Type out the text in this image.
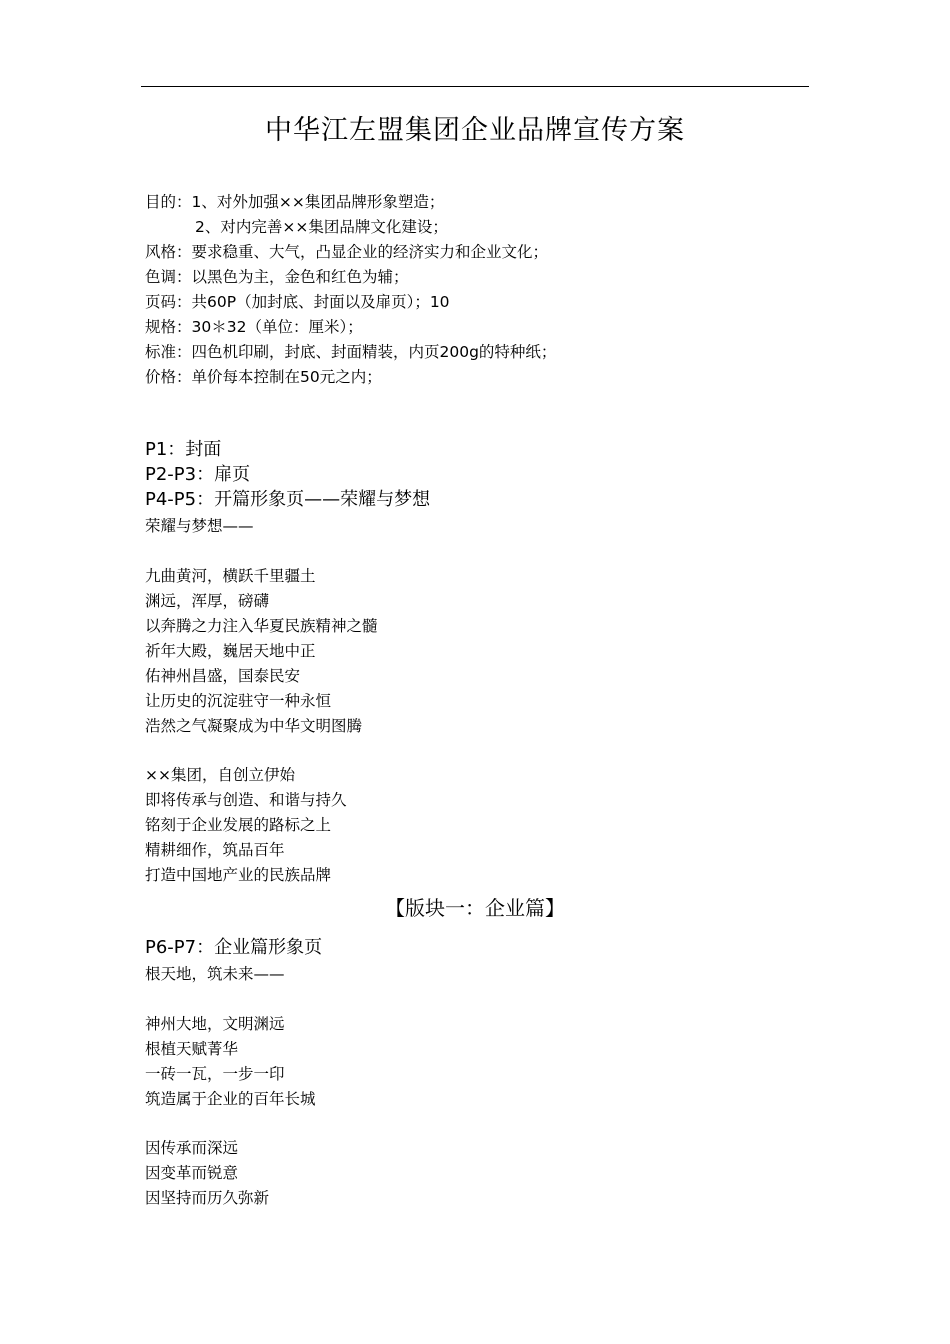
中华江左盟集团企业品牌宣传方案
目的：1、对外加强××集团品牌形象塑造；
2、对内完善××集团品牌文化建设；
风格：要求稳重、大气，凸显企业的经济实力和企业文化；
色调：以黑色为主，金色和红色为辅；
页码：共60P（加封底、封面以及扉页）；10
规格：30＊32（单位：厘米）；
标准：四色机印刷，封底、封面精装，内页200g的特种纸；
价格：单价每本控制在50元之内；
P1：封面
P2-P3：扉页
P4-P5：开篇形象页——荣耀与梦想
荣耀与梦想——
九曲黄河，横跃千里疆土
渊远，浑厚，磅礴
以奔腾之力注入华夏民族精神之髓
祈年大殿，巍居天地中正
佑神州昌盛，国泰民安
让历史的沉淀驻守一种永恒
浩然之气凝聚成为中华文明图腾
××集团，自创立伊始
即将传承与创造、和谐与持久
铭刻于企业发展的路标之上
精耕细作，筑品百年
打造中国地产业的民族品牌
【版块一：企业篇】
P6-P7：企业篇形象页
根天地，筑未来——
神州大地，文明渊远
根植天赋菁华
一砖一瓦，一步一印
筑造属于企业的百年长城
因传承而深远
因变革而锐意
因坚持而历久弥新
